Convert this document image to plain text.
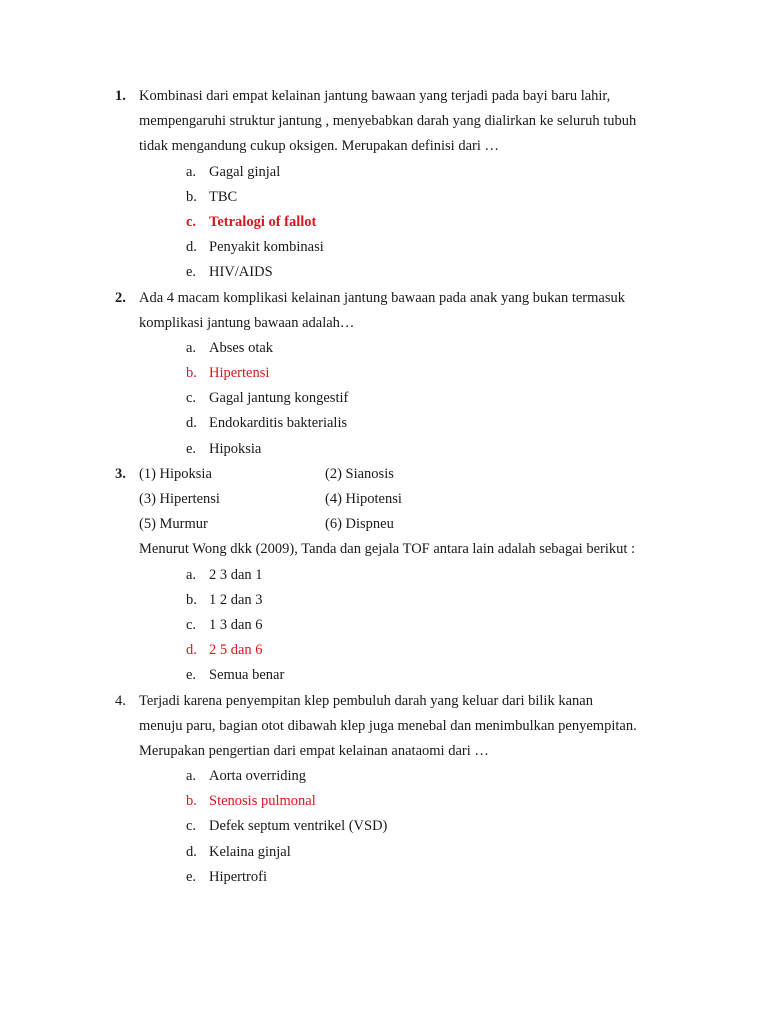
1. Kombinasi dari empat kelainan jantung bawaan yang terjadi pada bayi baru lahir,
mempengaruhi struktur jantung , menyebabkan darah yang dialirkan ke seluruh tubuh
tidak mengandung cukup oksigen. Merupakan definisi dari …
a. Gagal ginjal
b. TBC
c. Tetralogi of fallot
d. Penyakit kombinasi
e. HIV/AIDS
2. Ada 4 macam komplikasi kelainan jantung bawaan pada anak yang bukan termasuk
komplikasi jantung bawaan adalah…
a. Abses otak
b. Hipertensi
c. Gagal jantung kongestif
d. Endokarditis bakterialis
e. Hipoksia
3. (1) Hipoksia	(2) Sianosis
(3) Hipertensi	(4) Hipotensi
(5) Murmur	(6) Dispneu
Menurut Wong dkk (2009), Tanda dan gejala TOF antara lain adalah sebagai berikut :
a. 2 3 dan 1
b. 1 2 dan 3
c. 1 3 dan 6
d. 2 5 dan 6
e. Semua benar
4. Terjadi karena penyempitan klep pembuluh darah yang keluar dari bilik kanan
menuju paru, bagian otot dibawah klep juga menebal dan menimbulkan penyempitan.
Merupakan pengertian dari empat kelainan anataomi dari …
a. Aorta overriding
b. Stenosis pulmonal
c. Defek septum ventrikel (VSD)
d. Kelaina ginjal
e. Hipertrofi
